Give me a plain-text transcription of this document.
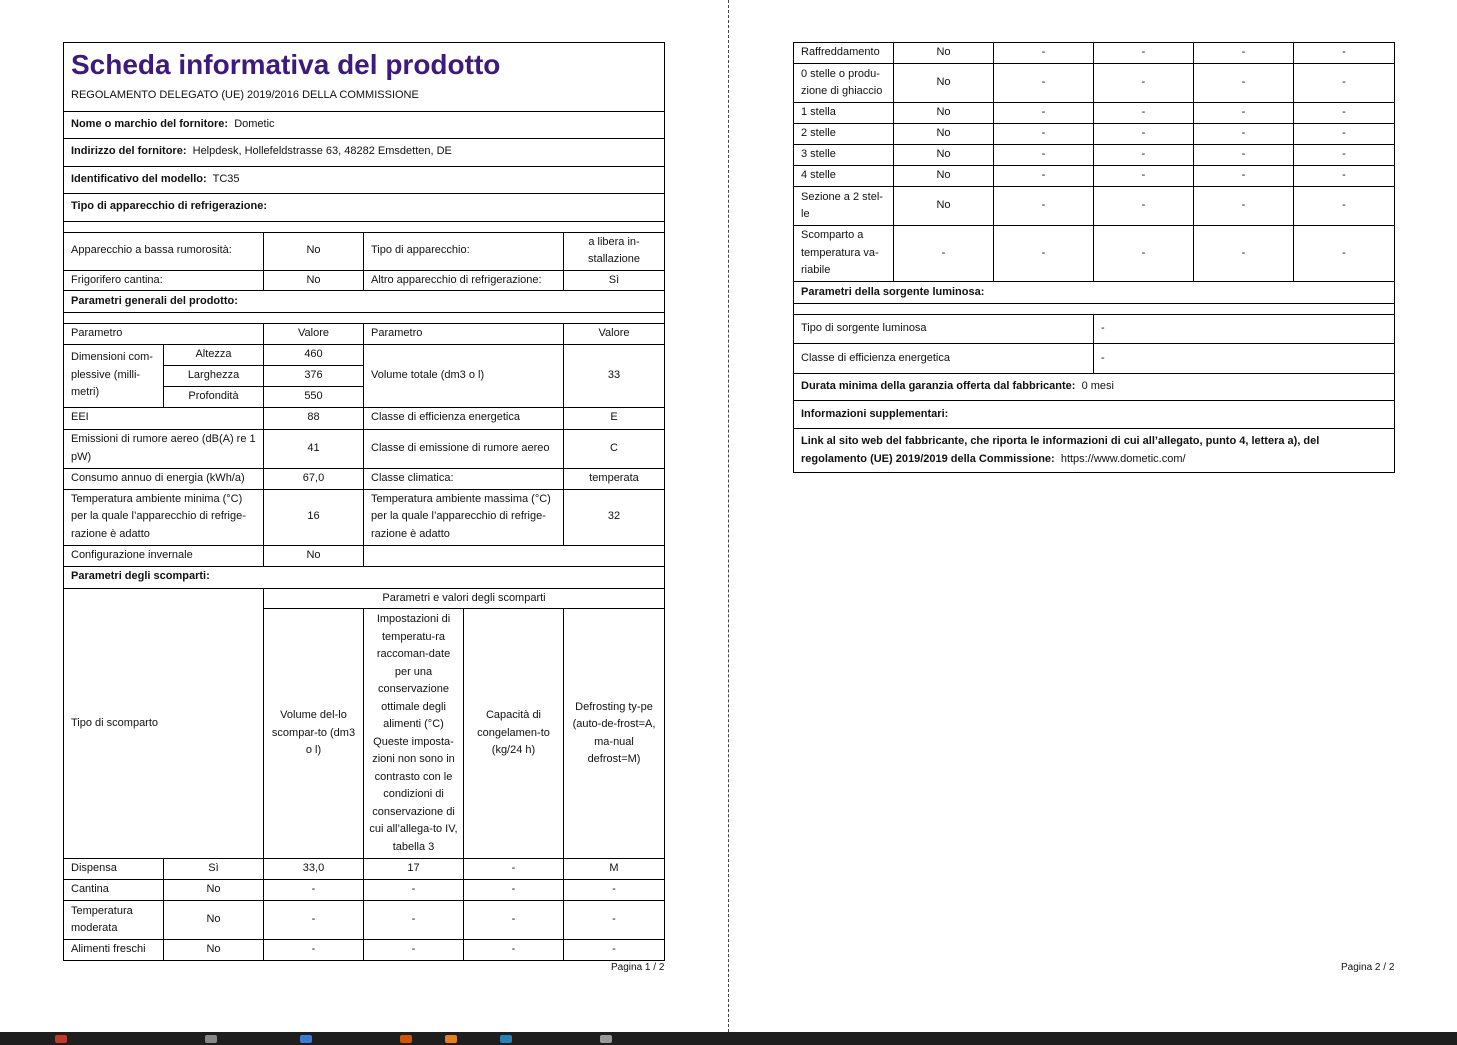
Scheda informativa del prodotto
REGOLAMENTO DELEGATO (UE) 2019/2016 DELLA COMMISSIONE					

Nome o marchio del fornitore: Dometic					
Indirizzo del fornitore: Helpdesk, Hollefeldstrasse 63, 48282 Emsdetten, DE					
Identificativo del modello: TC35					
Tipo di apparecchio di refrigerazione:					

Apparecchio a bassa rumorosità:		No	Tipo di apparecchio:		a libera in-stallazione
Frigorifero cantina:		No	Altro apparecchio di refrigerazione:		Sì
Parametri generali del prodotto:					

Parametro		Valore	Parametro		Valore
Dimensioni com-plessive (milli-metri)	Altezza	460	Volume totale (dm3 o l)		33
	Larghezza	376			
	Profondità	550			
EEI		88	Classe di efficienza energetica		E
Emissioni di rumore aereo (dB(A) re 1 pW)		41	Classe di emissione di rumore aereo		C
Consumo annuo di energia (kWh/a)		67,0	Classe climatica:		temperata
Temperatura ambiente minima (°C) per la quale l’apparecchio di refrige-razione è adatto		16	Temperatura ambiente massima (°C) per la quale l’apparecchio di refrige-razione è adatto		32
Configurazione invernale		No			
Parametri degli scomparti:					
Tipo di scomparto		Parametri e valori degli scomparti			
		Volume del-lo scompar-to (dm3 o l)	Impostazioni di temperatu-ra raccoman-date per una conservazione ottimale degli alimenti (°C) Queste imposta-zioni non sono in contrasto con le condizioni di conservazione di cui all’allega-to IV, tabella 3	Capacità di congelamen-to (kg/24 h)	Defrosting ty-pe (auto-de-frost=A, ma-nual defrost=M)
Dispensa	Sì	33,0	17	-	M
Cantina	No	-	-	-	-
Temperatura moderata	No	-	-	-	-
Alimenti freschi	No	-	-	-	-
Pagina 1 / 2
Raffreddamento	No	-	-	-	-
0 stelle o produ-zione di ghiaccio	No	-	-	-	-
1 stella	No	-	-	-	-
2 stelle	No	-	-	-	-
3 stelle	No	-	-	-	-
4 stelle	No	-	-	-	-
Sezione a 2 stel-le	No	-	-	-	-
Scomparto a temperatura va-riabile	-	-	-	-	-
Parametri della sorgente luminosa:					

Tipo di sorgente luminosa			-		
Classe di efficienza energetica			-		
Durata minima della garanzia offerta dal fabbricante: 0 mesi					
Informazioni supplementari:					
Link al sito web del fabbricante, che riporta le informazioni di cui all’allegato, punto 4, lettera a), del regolamento (UE) 2019/2019 della Commissione: https://www.dometic.com/					
Pagina 2 / 2
